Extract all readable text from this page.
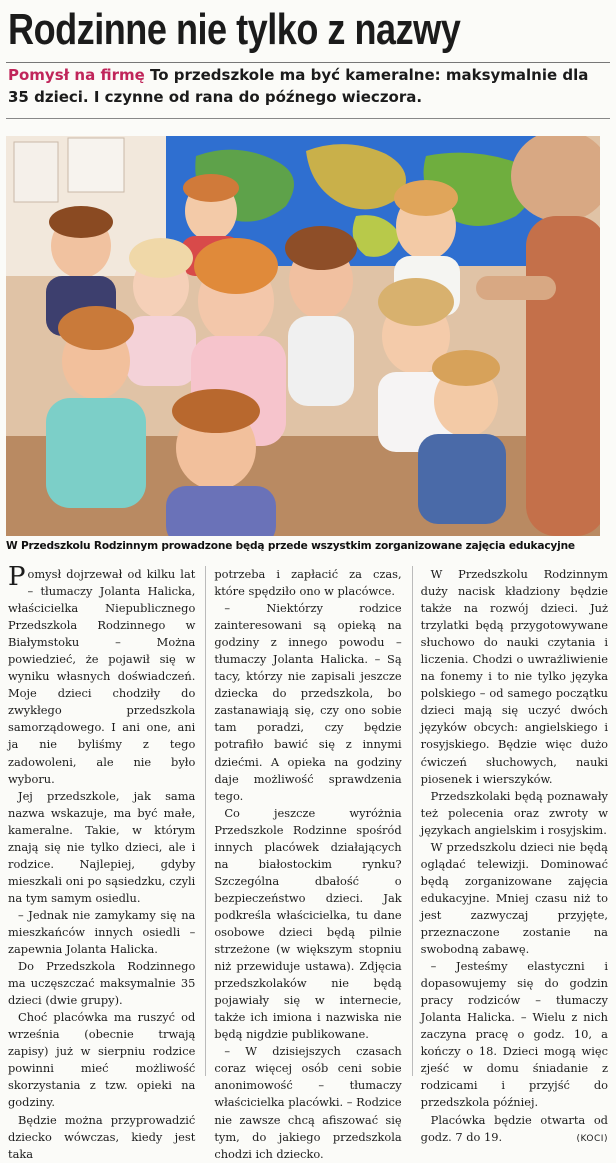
Rodzinne nie tylko z nazwy
Pomysł na firmę To przedszkole ma być kameralne: maksymalnie dla 35 dzieci. I czynne od rana do późnego wieczora.
W Przedszkolu Rodzinnym prowadzone będą przede wszystkim zorganizowane zajęcia edukacyjne

Pomysł dojrzewał od kilku lat – tłumaczy Jolanta Halicka, właścicielka Niepublicznego Przedszkola Rodzinnego w Białymstoku – Można powiedzieć, że pojawił się w wyniku własnych doświadczeń. Moje dzieci chodziły do zwykłego przedszkola samorządowego. I ani one, ani ja nie byliśmy z tego zadowoleni, ale nie było wyboru.

Jej przedszkole, jak sama nazwa wskazuje, ma być małe, kameralne. Takie, w którym znają się nie tylko dzieci, ale i rodzice. Najlepiej, gdyby mieszkali oni po sąsiedzku, czyli na tym samym osiedlu.

– Jednak nie zamykamy się na mieszkańców innych osiedli – zapewnia Jolanta Halicka.

Do Przedszkola Rodzinnego ma uczęszczać maksymalnie 35 dzieci (dwie grupy).

Choć placówka ma ruszyć od września (obecnie trwają zapisy) już w sierpniu rodzice powinni mieć możliwość skorzystania z tzw. opieki na godziny.

Będzie można przyprowadzić dziecko wówczas, kiedy jest taka

potrzeba i zapłacić za czas, które spędziło ono w placówce.

– Niektórzy rodzice zainteresowani są opieką na godziny z innego powodu – tłumaczy Jolanta Halicka. – Są tacy, którzy nie zapisali jeszcze dziecka do przedszkola, bo zastanawiają się, czy ono sobie tam poradzi, czy będzie potrafiło bawić się z innymi dziećmi. A opieka na godziny daje możliwość sprawdzenia tego.

Co jeszcze wyróżnia Przedszkole Rodzinne spośród innych placówek działających na białostockim rynku? Szczególna dbałość o bezpieczeństwo dzieci. Jak podkreśla właścicielka, tu dane osobowe dzieci będą pilnie strzeżone (w większym stopniu niż przewiduje ustawa). Zdjęcia przedszkolaków nie będą pojawiały się w internecie, także ich imiona i nazwiska nie będą nigdzie publikowane.

– W dzisiejszych czasach coraz więcej osób ceni sobie anonimowość – tłumaczy właścicielka placówki. – Rodzice nie zawsze chcą afiszować się tym, do jakiego przedszkola chodzi ich dziecko.

W Przedszkolu Rodzinnym duży nacisk kładziony będzie także na rozwój dzieci. Już trzylatki będą przygotowywane słuchowo do nauki czytania i liczenia. Chodzi o uwrażliwienie na fonemy i to nie tylko języka polskiego – od samego początku dzieci mają się uczyć dwóch języków obcych: angielskiego i rosyjskiego. Będzie więc dużo ćwiczeń słuchowych, nauki piosenek i wierszyków.

Przedszkolaki będą poznawały też polecenia oraz zwroty w językach angielskim i rosyjskim.

W przedszkolu dzieci nie będą oglądać telewizji. Dominować będą zorganizowane zajęcia edukacyjne. Mniej czasu niż to jest zazwyczaj przyjęte, przeznaczone zostanie na swobodną zabawę.

– Jesteśmy elastyczni i dopasowujemy się do godzin pracy rodziców – tłumaczy Jolanta Halicka. – Wielu z nich zaczyna pracę o godz. 10, a kończy o 18. Dzieci mogą więc zjeść w domu śniadanie z rodzicami i przyjść do przedszkola później.

Placówka będzie otwarta od godz. 7 do 19.	(KOCI)
